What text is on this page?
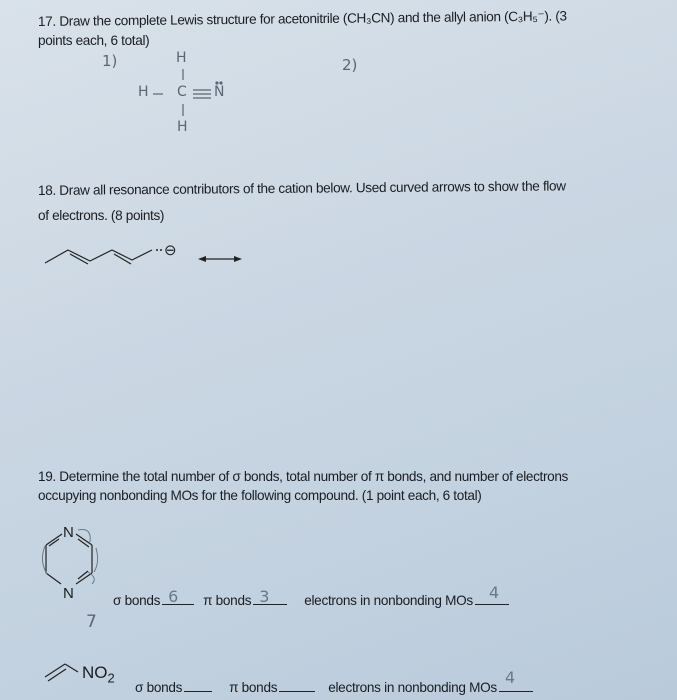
17. Draw the complete Lewis structure for acetonitrile (CH₃CN) and the allyl anion (C₃H₅⁻). (3
points each, 6 total)
1)	2)
H
H C N
H
18. Draw all resonance contributors of the cation below. Used curved arrows to show the flow
of electrons. (8 points)
⊖
19. Determine the total number of σ bonds, total number of π bonds, and number of electrons
occupying nonbonding MOs for the following compound. (1 point each, 6 total)
N
N
7
σ bonds 6 π bonds 3	electrons in nonbonding MOs 4
$NO_2$
σ bonds	π bonds	electrons in nonbonding MOs
4
